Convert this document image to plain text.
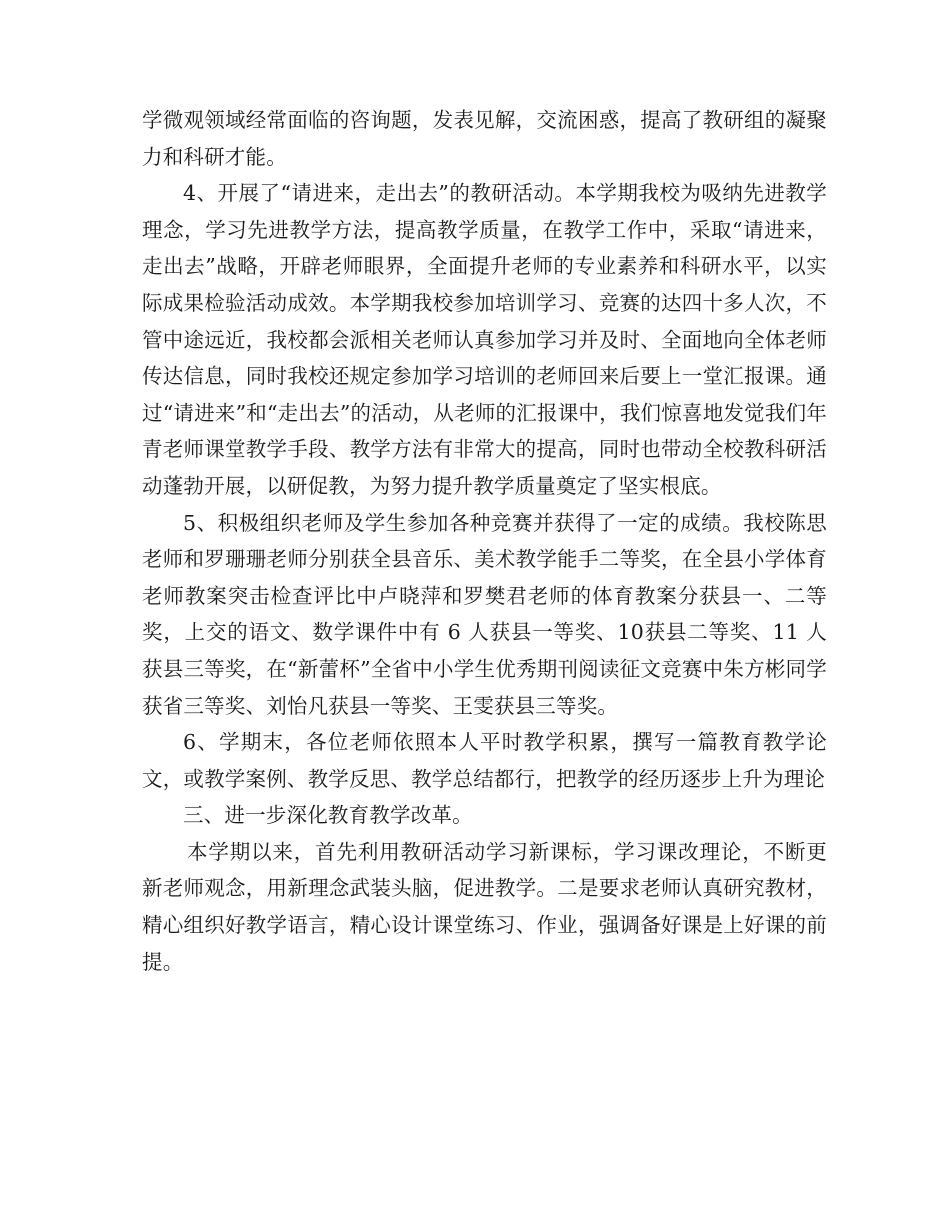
学微观领域经常面临的咨询题，发表见解，交流困惑，提高了教研组的凝聚力和科研才能。

4、开展了“请进来，走出去”的教研活动。本学期我校为吸纳先进教学理念，学习先进教学方法，提高教学质量，在教学工作中，采取“请进来，走出去”战略，开辟老师眼界，全面提升老师的专业素养和科研水平，以实际成果检验活动成效。本学期我校参加培训学习、竞赛的达四十多人次，不管中途远近，我校都会派相关老师认真参加学习并及时、全面地向全体老师传达信息，同时我校还规定参加学习培训的老师回来后要上一堂汇报课。通过“请进来”和“走出去”的活动，从老师的汇报课中，我们惊喜地发觉我们年青老师课堂教学手段、教学方法有非常大的提高，同时也带动全校教科研活动蓬勃开展，以研促教，为努力提升教学质量奠定了坚实根底。

5、积极组织老师及学生参加各种竞赛并获得了一定的成绩。我校陈思老师和罗珊珊老师分别获全县音乐、美术教学能手二等奖，在全县小学体育老师教案突击检查评比中卢晓萍和罗樊君老师的体育教案分获县一、二等奖，上交的语文、数学课件中有 6 人获县一等奖、10获县二等奖、11 人获县三等奖，在“新蕾杯”全省中小学生优秀期刊阅读征文竞赛中朱方彬同学获省三等奖、刘怡凡获县一等奖、王雯获县三等奖。

6、学期末，各位老师依照本人平时教学积累，撰写一篇教育教学论文，或教学案例、教学反思、教学总结都行，把教学的经历逐步上升为理论

三、进一步深化教育教学改革。

本学期以来，首先利用教研活动学习新课标，学习课改理论，不断更新老师观念，用新理念武装头脑，促进教学。二是要求老师认真研究教材，精心组织好教学语言，精心设计课堂练习、作业，强调备好课是上好课的前提。
